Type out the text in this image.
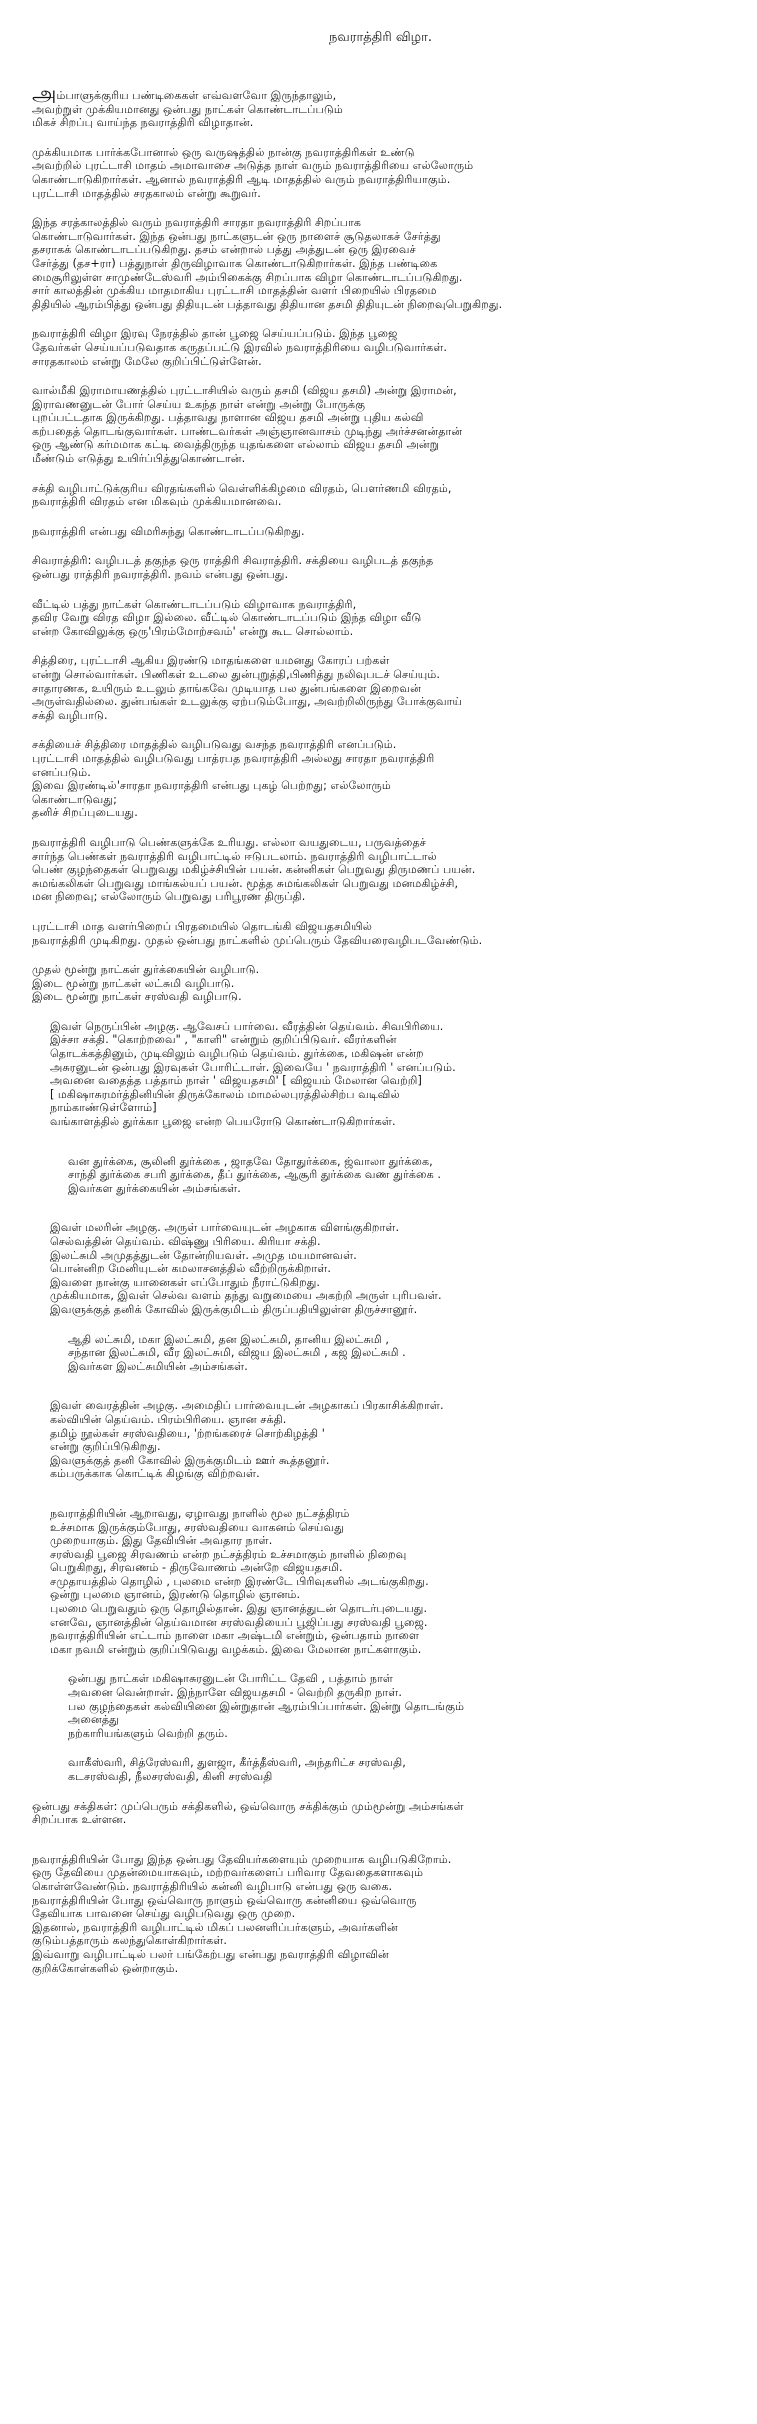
நவராத்திரி விழா.
அம்பாளுக்குரிய பண்டிகைகள் எவ்வளவோ இருந்தாலும்,
அவற்றுள் முக்கியமானது ஒன்பது நாட்கள் கொண்டாடப்படும்
மிகச் சிறப்பு வாய்ந்த நவராத்திரி விழாதான்.
முக்கியமாக பார்க்கபோனால் ஒரு வருஷத்தில் நான்கு நவராத்திரிகள் உண்டு
அவற்றில் புரட்டாசி மாதம் அமாவாசை அடுத்த நாள் வரும் நவராத்திரியை எல்லோரும்
கொண்டாடுகிறார்கள். ஆனால் நவராத்திரி ஆடி மாதத்தில் வரும் நவராத்திரியாகும்.
புரட்டாசி மாதத்தில் சரதகாலம் என்று கூறுவர்.
இந்த சரத்காலத்தில் வரும் நவராத்திரி சாரதா நவராத்திரி சிறப்பாக
கொண்டாடுவார்கள். இந்த ஒன்பது நாட்களுடன் ஒரு நாளைச் சூடுதலாகச் சேர்த்து
தசராகக் கொண்டாடப்படுகிறது. தசம் என்றால் பத்து அத்துடன் ஒரு இரவைச்
சேர்த்து (தச+ரா) பத்துநாள் திருவிழாவாக கொண்டாடுகிறார்கள். இந்த பண்டிகை
மைசூரிலுள்ள சாமுண்டேஸ்வரி அம்பிகைக்கு சிறப்பாக விழா கொண்டாடப்படுகிறது.
சார் காலத்தின் முக்கிய மாதமாகிய புரட்டாசி மாதத்தின் வளர் பிறையில் பிரதமை
திதியில் ஆரம்பித்து ஒன்பது திதியுடன் பத்தாவது திதியான தசமி திதியுடன் நிறைவுபெறுகிறது.
நவராத்திரி விழா இரவு நேரத்தில் தான் பூஜை செய்யப்படும். இந்த பூஜை
தேவர்கள் செய்யப்படுவதாக கருதப்பட்டு இரவில் நவராத்திரியை வழிபடுவார்கள்.
சாரதகாலம் என்று மேலே குறிப்பிட்டுள்ளேன்.
வால்மீகி இராமாயணத்தில் புரட்டாசியில் வரும் தசமி (விஜய தசமி) அன்று இராமன்,
இராவணனுடன் போர் செய்ய உகந்த நாள் என்று அன்று போருக்கு
புறப்பட்டதாக இருக்கிறது. பத்தாவது நாளான விஜய தசமி அன்று புதிய கல்வி
கற்பதைத் தொடங்குவார்கள். பாண்டவர்கள் அஞ்ஞானவாசம் முடிந்து அர்ச்சனன்தான்
ஒரு ஆண்டு கர்மமாக கட்டி வைத்திருந்த யுதங்களை எல்லாம் விஜய தசமி அன்று
மீண்டும் எடுத்து உயிர்ப்பித்துகொண்டான்.
சக்தி வழிபாட்டுக்குரிய விரதங்களில் வெள்ளிக்கிழமை விரதம், பௌர்ணமி விரதம்,
நவராத்திரி விரதம் என மிகவும் முக்கியமானவை.
நவராத்திரி என்பது விமரிசுந்து கொண்டாடப்படுகிறது.
சிவராத்திரி: வழிபடத் தகுந்த ஒரு ராத்திரி சிவராத்திரி. சக்தியை வழிபடத் தகுந்த
ஒன்பது ராத்திரி நவராத்திரி. நவம் என்பது ஒன்பது.
வீட்டில் பத்து நாட்கள் கொண்டாடப்படும் விழாவாக நவராத்திரி,
தவிர வேறு விரத விழா இல்லை. வீட்டில் கொண்டாடப்படும் இந்த விழா வீடு
என்ற கோவிலுக்கு ஒரு'பிரம்மோற்சவம்' என்று கூட சொல்லாம்.
சித்திரை, புரட்டாசி ஆகிய இரண்டு மாதங்களை யமனது கோரப் பற்கள்
என்று சொல்வார்கள். பிணிகள் உடலை துன்புறுத்தி,பிணித்து நலிவுபடச் செய்யும்.
சாதாரணக, உயிரும் உடலும் தாங்கவே முடியாத பல துன்பங்களை இறைவன்
அருள்வதில்லை. துன்பங்கள் உடலுக்கு ஏற்படும்போது, அவற்றிலிருந்து போக்குவாய்
சக்தி வழிபாடு.
சக்தியைச் சித்திரை மாதத்தில் வழிபடுவது வசந்த நவராத்திரி எனப்படும்.
புரட்டாசி மாதத்தில் வழிபடுவது பாத்ரபத நவராத்திரி அல்லது சாரதா நவராத்திரி
எனப்படும்.
இவை இரண்டில்'சாரதா நவராத்திரி என்பது புகழ் பெற்றது; எல்லோரும்
கொண்டாடுவது;
தனிச் சிறப்புடையது.
நவராத்திரி வழிபாடு பெண்களுக்கே உரியது. எல்லா வயதுடைய, பருவத்தைச்
சார்ந்த பெண்கள் நவராத்திரி வழிபாட்டில் ஈடுபடலாம். நவராத்திரி வழிபாட்டால்
பெண் குழந்தைகள் பெறுவது மகிழ்ச்சியின் பயன். கன்னிகள் பெறுவது திருமணப் பயன்.
சுமங்கலிகள் பெறுவது மாங்கல்யப் பயன். மூத்த சுமங்கலிகள் பெறுவது மனமகிழ்ச்சி,
மன நிறைவு; எல்லோரும் பெறுவது பரிபூரண திருப்தி.
புரட்டாசி மாத வளர்பிறைப் பிரதமையில் தொடங்கி விஜயதசமியில்
நவராத்திரி முடிகிறது. முதல் ஒன்பது நாட்களில் முப்பெரும் தேவியரைவழிபடவேண்டும்.
முதல் மூன்று நாட்கள் துர்க்கையின் வழிபாடு.
இடை மூன்று நாட்கள் லட்சுமி வழிபாடு.
இடை மூன்று நாட்கள் சரஸ்வதி வழிபாடு.
இவள் நெருப்பின் அழகு. ஆவேசப் பார்வை. வீரத்தின் தெய்வம். சிவபிரியை.
இச்சா சக்தி. "கொற்றவை" , "காளி" என்றும் குறிப்பிடுவர். வீரர்களின்
தொடக்கத்தினும், முடிவிலும் வழிபடும் தெய்வம். துர்க்கை, மகிஷன் என்ற
அசுரனுடன் ஒன்பது இரவுகள் போரிட்டாள். இவையே ' நவராத்திரி ' எனப்படும்.
அவனை வதைத்த பத்தாம் நாள் ' விஜயதசமி' [ விஜயம் மேலான வெற்றி]
[ மகிஷாசுரமர்த்தினியின் திருக்கோலம் மாமல்லபுரத்தில்சிற்ப வடிவில்
நாம்காண்டுள்ளோம்]
வங்காளத்தில் துர்க்கா பூஜை என்ற பெயரோடு கொண்டாடுகிறார்கள்.
வன துர்க்கை, சூலினி துர்க்கை , ஜாதவே தோதுர்க்கை, ஜ்வாலா துர்க்கை,
சாந்தி துர்க்கை சபரி துர்க்கை, தீப் துர்க்கை, ஆசூரி துர்க்கை வண துர்க்கை .
இவர்கள துர்க்கையின் அம்சங்கள்.
இவள் மலரின் அழகு. அருள் பார்வையுடன் அழகாக விளங்குகிறாள்.
செல்வத்தின் தெய்வம். விஷ்ணு பிரியை. கிரியா சக்தி.
இலட்சுமி அமுதத்துடன் தோன்றியவள். அமுத மயமானவள்.
பொன்னிற மேனியுடன் கமலாசனத்தில் வீற்றிருக்கிறாள்.
இவளை நான்கு யானைகள் எப்போதும் நீராட்டுகிறது.
முக்கியமாக, இவள் செல்வ வளம் தந்து வறுமையை அகற்றி அருள் புரிபவள்.
இவளுக்குத் தனிக் கோவில் இருக்குமிடம் திருப்பதியிலுள்ள திருச்சானூர்.
ஆதி லட்சுமி, மகா இலட்சுமி, தன இலட்சுமி, தானிய இலட்சுமி ,
சந்தான இலட்சுமி, வீர இலட்சுமி, விஜய இலட்சுமி , கஜ இலட்சுமி .
இவர்கள இலட்சுமியின் அம்சங்கள்.
இவள் வைரத்தின் அழகு. அமைதிப் பார்வையுடன் அழகாகப் பிரகாசிக்கிறாள்.
கல்வியின் தெய்வம். பிரம்பிரியை. ஞான சக்தி.
தமிழ் நூல்கள் சரஸ்வதியை, 'ற்றங்கரைச் சொற்கிழத்தி '
என்று குறிப்பிடுகிறது.
இவளுக்குத் தனி கோவில் இருக்குமிடம் ஊர் கூத்தனூர்.
கம்பருக்காக கொட்டிக் கிழங்கு விற்றவள்.
நவராத்திரியின் ஆறாவது, ஏழாவது நாளில் மூல நட்சத்திரம்
உச்சமாக இருக்கும்போது, சரஸ்வதியை வாகனம் செய்வது
முறையாகும். இது தேவியின் அவதார நாள்.
சரஸ்வதி பூஜை சிரவணம் என்ற நட்சத்திரம் உச்சமாகும் நாளில் நிறைவு
பெறுகிறது, சிரவணம் - திருவோணம் அன்றே விஜயதசமி.
சமுதாயத்தில் தொழில் , புலமை என்ற இரண்டே பிரிவுகளில் அடங்குகிறது.
ஒன்று புலமை ஞானம், இரண்டு தொழில் ஞானம்.
புலமை பெறுவதும் ஒரு தொழில்தான். இது ஞானத்துடன் தொடர்புடையது.
எனவே, ஞானத்தின் தெய்வமான சரஸ்வதியைப் பூஜிப்பது சரஸ்வதி பூஜை.
நவராத்திரியின் எட்டாம் நாளை மகா அஷ்டமி என்றும், ஒன்பதாம் நாளை
மகா நவமி என்றும் குறிப்பிடுவது வழக்கம். இவை மேலான நாட்களாகும்.
ஒன்பது நாட்கள் மகிஷாசுரனுடன் போரிட்ட தேவி , பத்தாம் நாள்
அவனை வென்றாள். இந்நாளே விஜயதசமி - வெற்றி தருகிற நாள்.
பல குழந்தைகள் கல்வியினை இன்றுதான் ஆரம்பிப்பார்கள். இன்று தொடங்கும்
அனைத்து
நற்காரியங்களும் வெற்றி தரும்.
வாகீஸ்வரி, சித்ரேஸ்வரி, துளஜா, கீர்த்தீஸ்வரி, அந்தரிட்ச சரஸ்வதி,
கடசரஸ்வதி, நீலசரஸ்வதி, கினி சரஸ்வதி
ஒன்பது சக்திகள்: முப்பெரும் சக்திகளில், ஒவ்வொரு சக்திக்கும் மும்மூன்று அம்சங்கள்
சிறப்பாக உள்ளன.
நவராத்திரியின் போது இந்த ஒன்பது தேவியர்களையும் முறையாக வழிபடுகிறோம்.
ஒரு தேவியை முதன்மையாகவும், மற்றவர்களைப் பரிவார தேவதைகளாகவும்
கொள்ளவேண்டும். நவராத்திரியில் கன்னி வழிபாடு என்பது ஒரு வகை.
நவராத்திரியின் போது ஒவ்வொரு நாளும் ஒவ்வொரு கன்னியை ஒவ்வொரு
தேவியாக பாவனை செய்து வழிபடுவது ஒரு முறை.
இதனால், நவராத்திரி வழிபாட்டில் மிகப் பலனளிப்பர்களும், அவர்களின்
குடும்பத்தாரும் கலந்துகொள்கிறார்கள்.
இவ்வாறு வழிபாட்டில் பலர் பங்கேற்பது என்பது நவராத்திரி விழாவின்
குறிக்கோள்களில் ஒன்றாகும்.
